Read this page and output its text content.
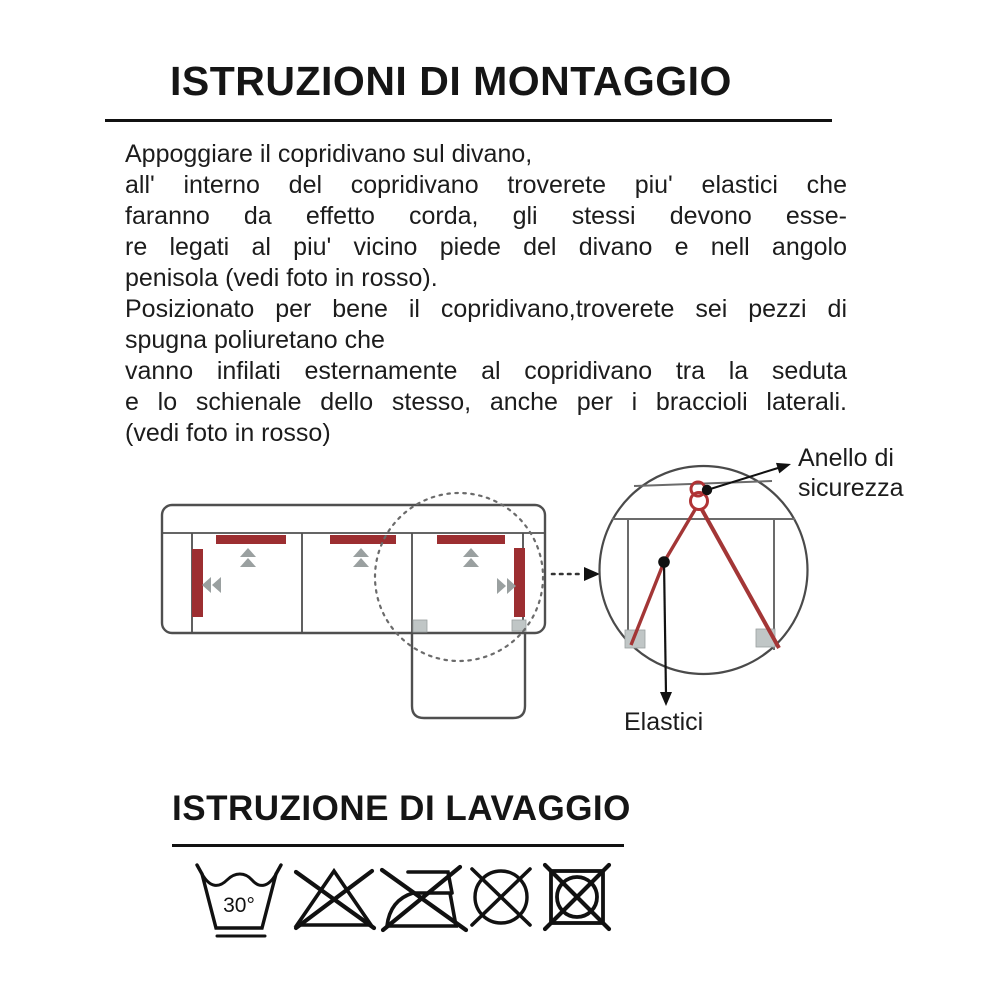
ISTRUZIONI DI MONTAGGIO
Appoggiare il copridivano sul divano,
all' interno del copridivano troverete piu' elastici che
faranno da effetto corda, gli stessi devono esse-
re legati al piu' vicino piede del divano e nell angolo
penisola (vedi foto in rosso).
Posizionato per bene il copridivano,troverete sei pezzi di
spugna poliuretano che
vanno infilati esternamente al copridivano tra la seduta
e lo schienale dello stesso, anche per i braccioli laterali.
(vedi foto in rosso)
Anello di sicurezza
Elastici
ISTRUZIONE DI LAVAGGIO
30°
